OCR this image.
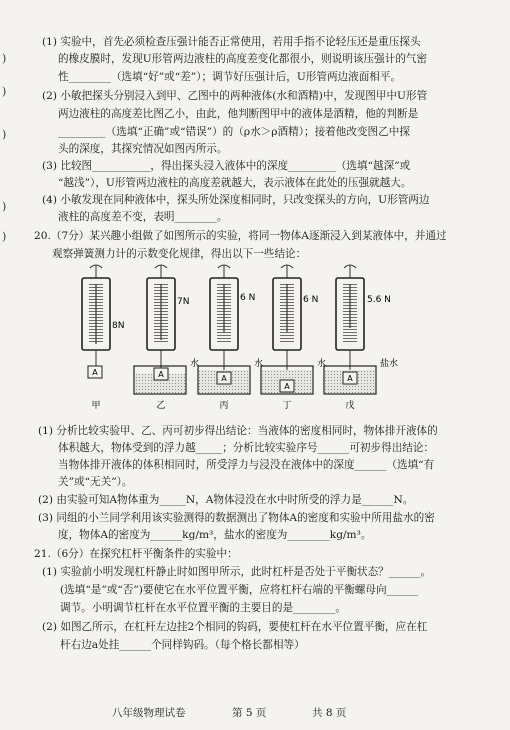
)
)
)
)
)
(1) 实验中，首先必须检查压强计能否正常使用，若用手指不论轻压还是重压探头
的橡皮膜时，发现U形管两边液柱的高度差变化都很小，则说明该压强计的气密
性________（选填“好”或“差”）；调节好压强计后，U形管两边液面相平。
(2) 小敏把探头分别浸入到甲、乙图中的两种液体(水和酒精)中，发现图甲中U形管
两边液柱的高度差比图乙小，由此，他判断图甲中的液体是酒精，他的判断是
_________（选填“正确”或“错误”）的（ρ水＞ρ酒精）；接着他改变图乙中探
头的深度，其探究情况如图丙所示。
(3) 比较图___________，得出探头浸入液体中的深度_________（选填“越深”或
“越浅”），U形管两边液柱的高度差就越大，表示液体在此处的压强就越大。
(4) 小敏发现在同种液体中，探头所处深度相同时，只改变探头的方向，U形管两边
液柱的高度差不变，表明________。
20.（7分）某兴趣小组做了如图所示的实验，将同一物体A逐渐浸入到某液体中，并通过
观察弹簧测力计的示数变化规律，得出以下一些结论：
A
8N
A
7N
水
A
6 N
水
A
6 N
水
A
5.6 N
盐水
甲	乙	丙	丁	戊
(1) 分析比较实验甲、乙、丙可初步得出结论：当液体的密度相同时，物体排开液体的
体积越大，物体受到的浮力越_____；分析比较实验序号______可初步得出结论：
当物体排开液体的体积相同时，所受浮力与浸没在液体中的深度______（选填“有
关”或“无关”）。
(2) 由实验可知A物体重为_____N，A物体浸没在水中时所受的浮力是______N。
(3) 同组的小兰同学利用该实验测得的数据测出了物体A的密度和实验中所用盐水的密
度，物体A的密度为______kg/m³，盐水的密度为________kg/m³。
21.（6分）在探究杠杆平衡条件的实验中：
(1) 实验前小明发现杠杆静止时如图甲所示，此时杠杆是否处于平衡状态？______。
(选填“是”或“否”)要使它在水平位置平衡，应将杠杆右端的平衡螺母向______
调节。小明调节杠杆在水平位置平衡的主要目的是________。
(2) 如图乙所示，在杠杆左边挂2个相同的钩码，要使杠杆在水平位置平衡，应在杠
杆右边a处挂______个同样钩码。（每个格长都相等）
八年级物理试卷	第 5 页	共 8 页
